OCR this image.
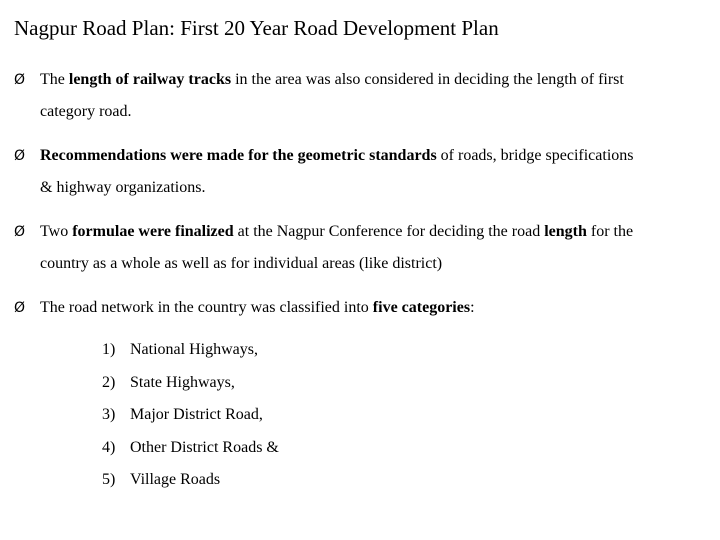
Nagpur Road Plan: First 20 Year Road Development Plan
Ø The length of railway tracks in the area was also considered in deciding the length of first
category road.
Ø Recommendations were made for the geometric standards of roads, bridge specifications
& highway organizations.
Ø Two formulae were finalized at the Nagpur Conference for deciding the road length for the
country as a whole as well as for individual areas (like district)
Ø The road network in the country was classified into five categories:
1) National Highways,
2) State Highways,
3) Major District Road,
4) Other District Roads &
5) Village Roads
